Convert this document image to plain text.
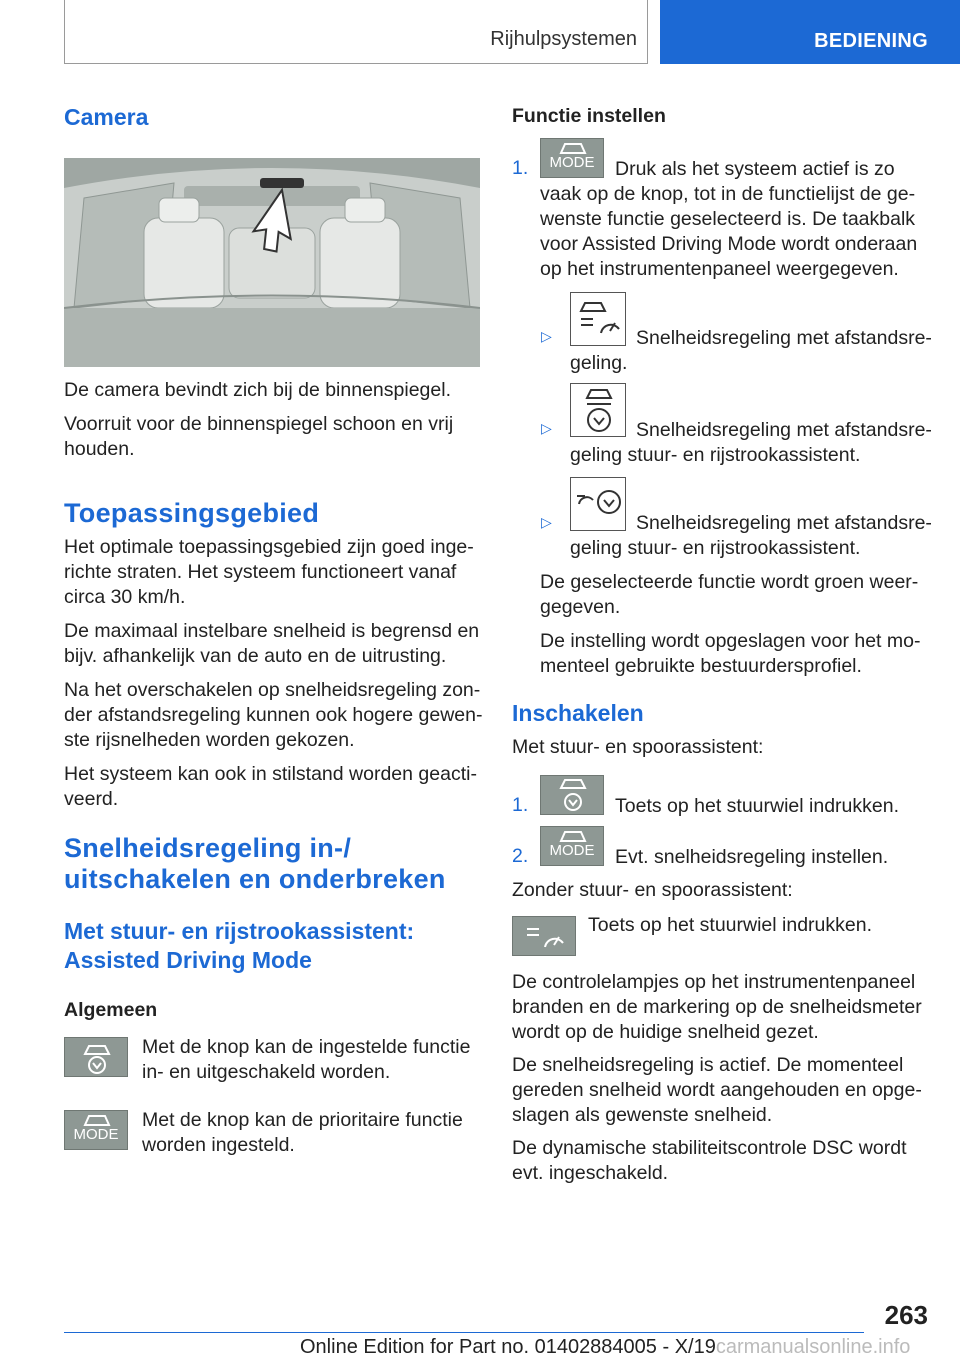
Rijhulpsystemen	BEDIENING
Camera

De camera bevindt zich bij de binnenspiegel.

Voorruit voor de binnenspiegel schoon en vrij

houden.

Toepassingsgebied

Het optimale toepassingsgebied zijn goed inge‐

richte straten. Het systeem functioneert vanaf

circa 30 km/h.

De maximaal instelbare snelheid is begrensd en

bijv. afhankelijk van de auto en de uitrusting.

Na het overschakelen op snelheidsregeling zon‐

der afstandsregeling kunnen ook hogere gewen‐

ste rijsnelheden worden gekozen.

Het systeem kan ook in stilstand worden geacti‐

veerd.

Snelheidsregeling in-/
uitschakelen en onderbreken
Met stuur- en rijstrookassistent:
Assisted Driving Mode
Algemeen

Met de knop kan de ingestelde functie

in- en uitgeschakeld worden.

MODE

Met de knop kan de prioritaire functie

worden ingesteld.

Functie instellen
1.	MODE	Druk als het systeem actief is zo

vaak op de knop, tot in de functielijst de ge‐

wenste functie geselecteerd is. De taakbalk

voor Assisted Driving Mode wordt onderaan

op het instrumentenpaneel weergegeven.

▷	Snelheidsregeling met afstandsre‐

geling.

▷	Snelheidsregeling met afstandsre‐

geling stuur- en rijstrookassistent.

▷	Snelheidsregeling met afstandsre‐

geling stuur- en rijstrookassistent.

De geselecteerde functie wordt groen weer‐

gegeven.

De instelling wordt opgeslagen voor het mo‐

menteel gebruikte bestuurdersprofiel.

Inschakelen

Met stuur- en spoorassistent:

1.	Toets op het stuurwiel indrukken.

2.	MODE	Evt. snelheidsregeling instellen.

Zonder stuur- en spoorassistent:

Toets op het stuurwiel indrukken.

De controlelampjes op het instrumentenpaneel

branden en de markering op de snelheidsmeter

wordt op de huidige snelheid gezet.

De snelheidsregeling is actief. De momenteel

gereden snelheid wordt aangehouden en opge‐

slagen als gewenste snelheid.

De dynamische stabiliteitscontrole DSC wordt

evt. ingeschakeld.

263
Online Edition for Part no. 01402884005 - X/19carmanualsonline.info
